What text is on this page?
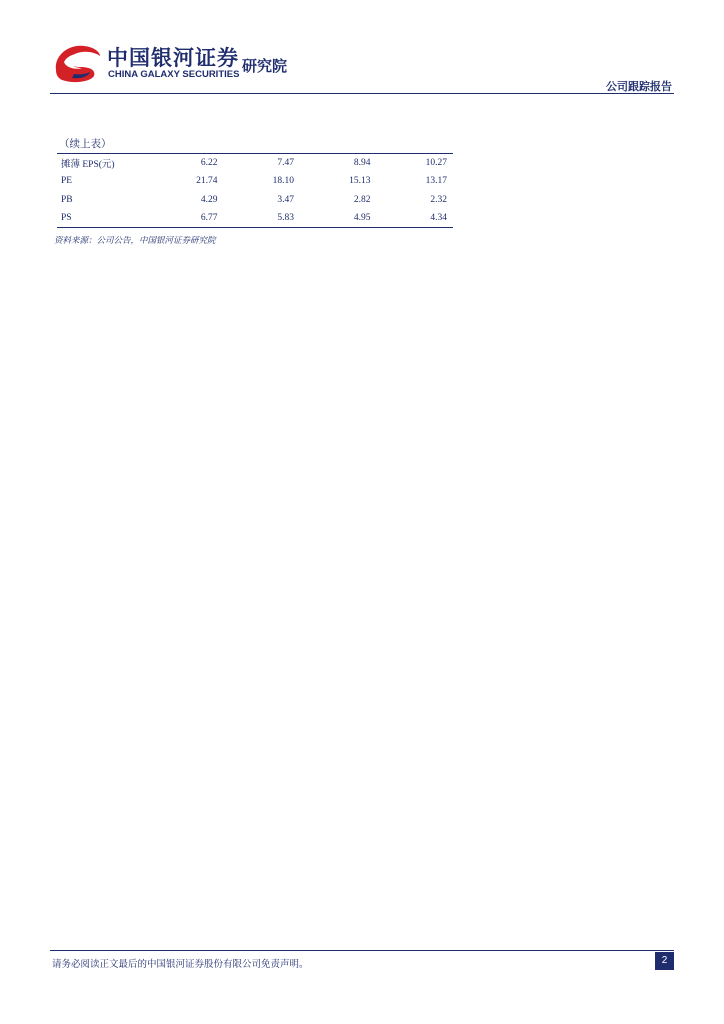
中国银河证券
CHINA GALAXY SECURITIES 研究院
公司跟踪报告
（续上表）
摊薄 EPS(元)	6.22	7.47	8.94	10.27
PE	21.74	18.10	15.13	13.17
PB	4.29	3.47	2.82	2.32
PS	6.77	5.83	4.95	4.34
资料来源：公司公告，中国银河证券研究院
请务必阅读正文最后的中国银河证券股份有限公司免责声明。	2
